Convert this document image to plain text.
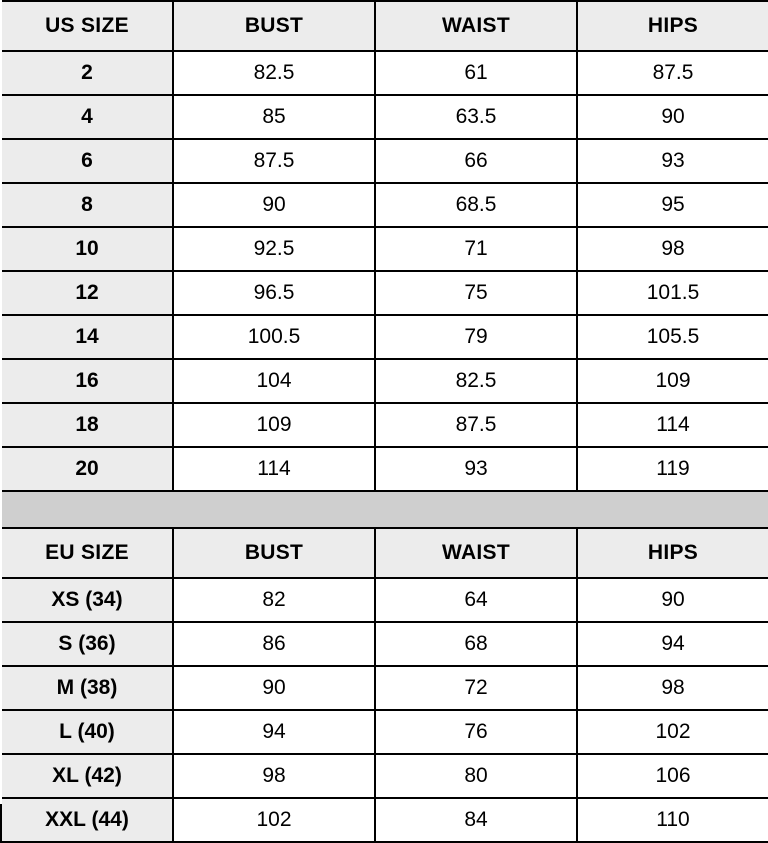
US SIZE	BUST	WAIST	HIPS
2	82.5	61	87.5
4	85	63.5	90
6	87.5	66	93
8	90	68.5	95
10	92.5	71	98
12	96.5	75	101.5
14	100.5	79	105.5
16	104	82.5	109
18	109	87.5	114
20	114	93	119
EU SIZE	BUST	WAIST	HIPS
XS (34)	82	64	90
S (36)	86	68	94
M (38)	90	72	98
L (40)	94	76	102
XL (42)	98	80	106
XXL (44)	102	84	110
